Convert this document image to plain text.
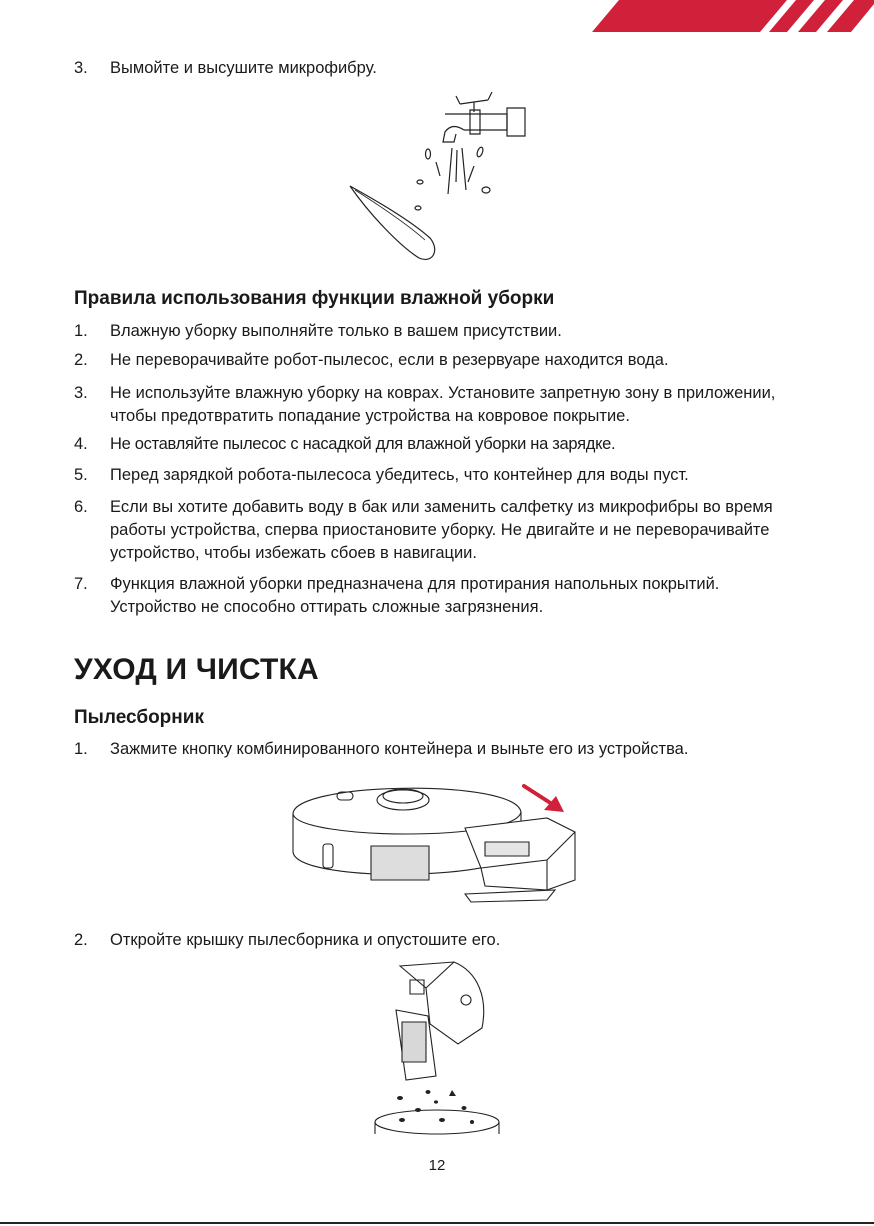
3.	Вымойте и высушите микрофибру.
Правила использования функции влажной уборки
1.	Влажную уборку выполняйте только в вашем присутствии.
2.	Не переворачивайте робот-пылесос, если в резервуаре находится вода.
3.	Не используйте влажную уборку на коврах. Установите запретную зону в приложении, чтобы предотвратить попадание устройства на ковровое покрытие.
4.	Не оставляйте пылесос с насадкой для влажной уборки на зарядке.
5.	Перед зарядкой робота-пылесоса убедитесь, что контейнер для воды пуст.
6.	Если вы хотите добавить воду в бак или заменить салфетку из микрофибры во время работы устройства, сперва приостановите уборку. Не двигайте и не переворачивайте устройство, чтобы избежать сбоев в навигации.
7.	Функция влажной уборки предназначена для протирания напольных покрытий. Устройство не способно оттирать сложные загрязнения.
УХОД И ЧИСТКА
Пылесборник
1.	Зажмите кнопку комбинированного контейнера и выньте его из устройства.
2.	Откройте крышку пылесборника и опустошите его.
12
